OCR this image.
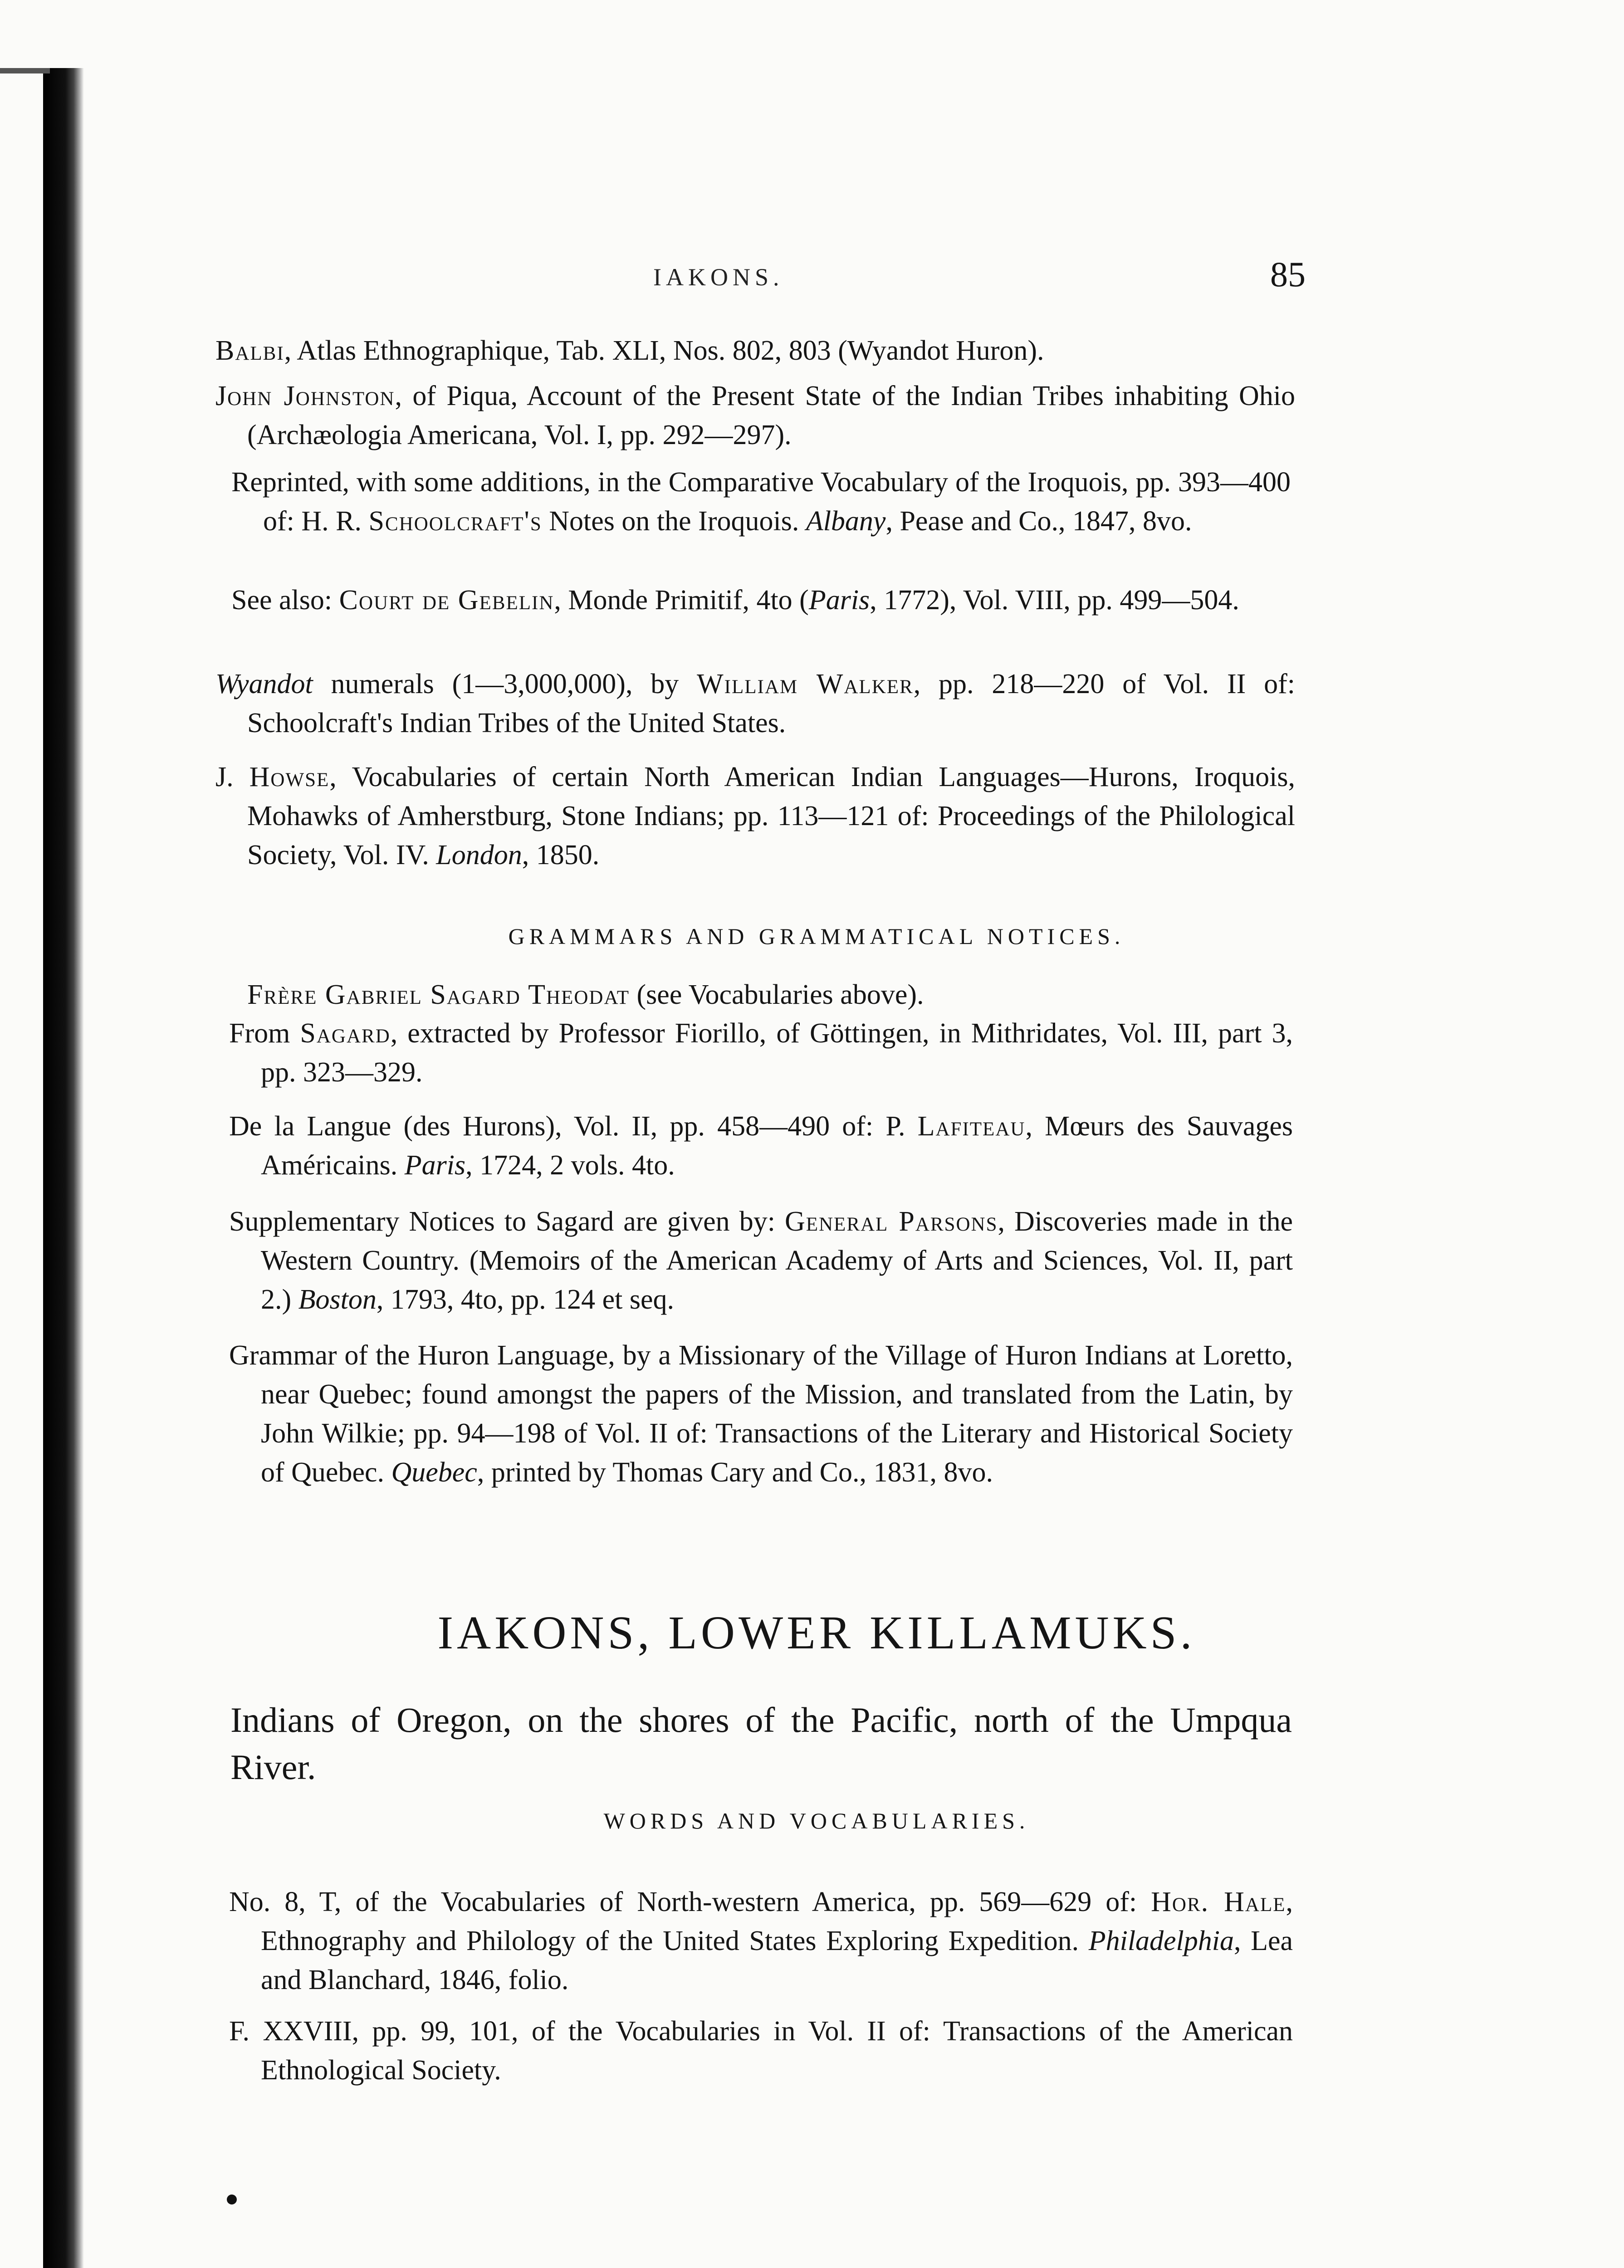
IAKONS.	85

Balbi, Atlas Ethnographique, Tab. XLI, Nos. 802, 803 (Wyandot Huron).

John Johnston, of Piqua, Account of the Present State of the Indian Tribes inhabiting Ohio (Archæologia Americana, Vol. I, pp. 292—297).

Reprinted, with some additions, in the Comparative Vocabulary of the Iroquois, pp. 393—400 of: H. R. Schoolcraft's Notes on the Iroquois. Albany, Pease and Co., 1847, 8vo.

See also: Court de Gebelin, Monde Primitif, 4to (Paris, 1772), Vol. VIII, pp. 499—504.

Wyandot numerals (1—3,000,000), by William Walker, pp. 218—220 of Vol. II of: Schoolcraft's Indian Tribes of the United States.

J. Howse, Vocabularies of certain North American Indian Languages—Hurons, Iroquois, Mohawks of Amherstburg, Stone Indians; pp. 113—121 of: Proceedings of the Philological Society, Vol. IV. London, 1850.

GRAMMARS AND GRAMMATICAL NOTICES.

Frère Gabriel Sagard Theodat (see Vocabularies above).

From Sagard, extracted by Professor Fiorillo, of Göttingen, in Mithridates, Vol. III, part 3, pp. 323—329.

De la Langue (des Hurons), Vol. II, pp. 458—490 of: P. Lafiteau, Mœurs des Sauvages Américains. Paris, 1724, 2 vols. 4to.

Supplementary Notices to Sagard are given by: General Parsons, Discoveries made in the Western Country. (Memoirs of the American Academy of Arts and Sciences, Vol. II, part 2.) Boston, 1793, 4to, pp. 124 et seq.

Grammar of the Huron Language, by a Missionary of the Village of Huron Indians at Loretto, near Quebec; found amongst the papers of the Mission, and translated from the Latin, by John Wilkie; pp. 94—198 of Vol. II of: Transactions of the Literary and Historical Society of Quebec. Quebec, printed by Thomas Cary and Co., 1831, 8vo.

IAKONS, LOWER KILLAMUKS.
Indians of Oregon, on the shores of the Pacific, north of the Umpqua River.
WORDS AND VOCABULARIES.

No. 8, T, of the Vocabularies of North-western America, pp. 569—629 of: Hor. Hale, Ethnography and Philology of the United States Exploring Expedition. Philadelphia, Lea and Blanchard, 1846, folio.

F. XXVIII, pp. 99, 101, of the Vocabularies in Vol. II of: Transactions of the American Ethnological Society.
